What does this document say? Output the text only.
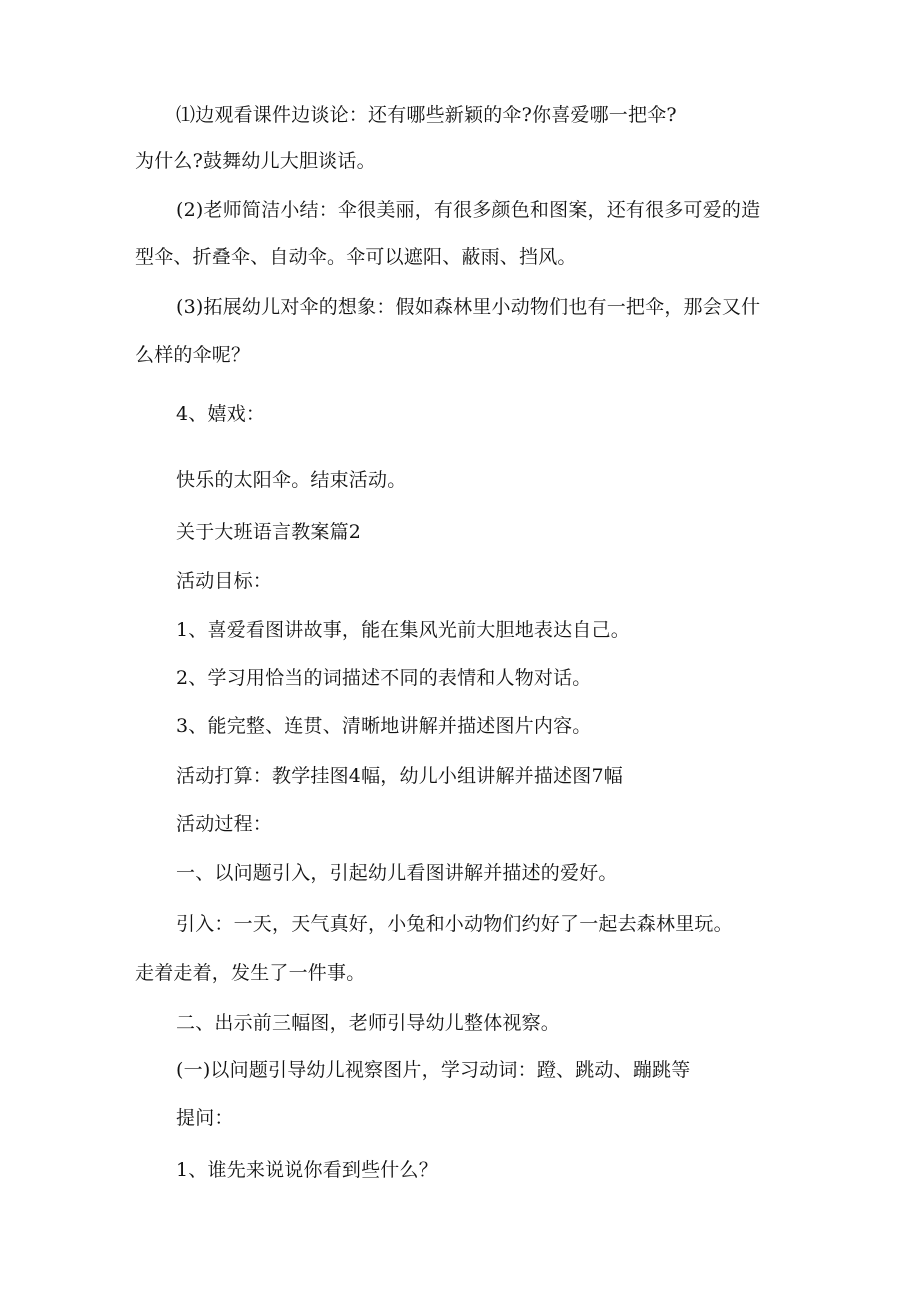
⑴边观看课件边谈论：还有哪些新颖的伞?你喜爱哪一把伞?
为什么?鼓舞幼儿大胆谈话。
(2)老师简洁小结：伞很美丽，有很多颜色和图案，还有很多可爱的造
型伞、折叠伞、自动伞。伞可以遮阳、蔽雨、挡风。
(3)拓展幼儿对伞的想象：假如森林里小动物们也有一把伞，那会又什
么样的伞呢？
4、嬉戏：
快乐的太阳伞。结束活动。
关于大班语言教案篇2
活动目标：
1、喜爱看图讲故事，能在集风光前大胆地表达自己。
2、学习用恰当的词描述不同的表情和人物对话。
3、能完整、连贯、清晰地讲解并描述图片内容。
活动打算：教学挂图4幅，幼儿小组讲解并描述图7幅
活动过程：
一、以问题引入，引起幼儿看图讲解并描述的爱好。
引入：一天，天气真好，小兔和小动物们约好了一起去森林里玩。
走着走着，发生了一件事。
二、出示前三幅图，老师引导幼儿整体视察。
(一)以问题引导幼儿视察图片，学习动词：蹬、跳动、蹦跳等
提问：
1、谁先来说说你看到些什么？
